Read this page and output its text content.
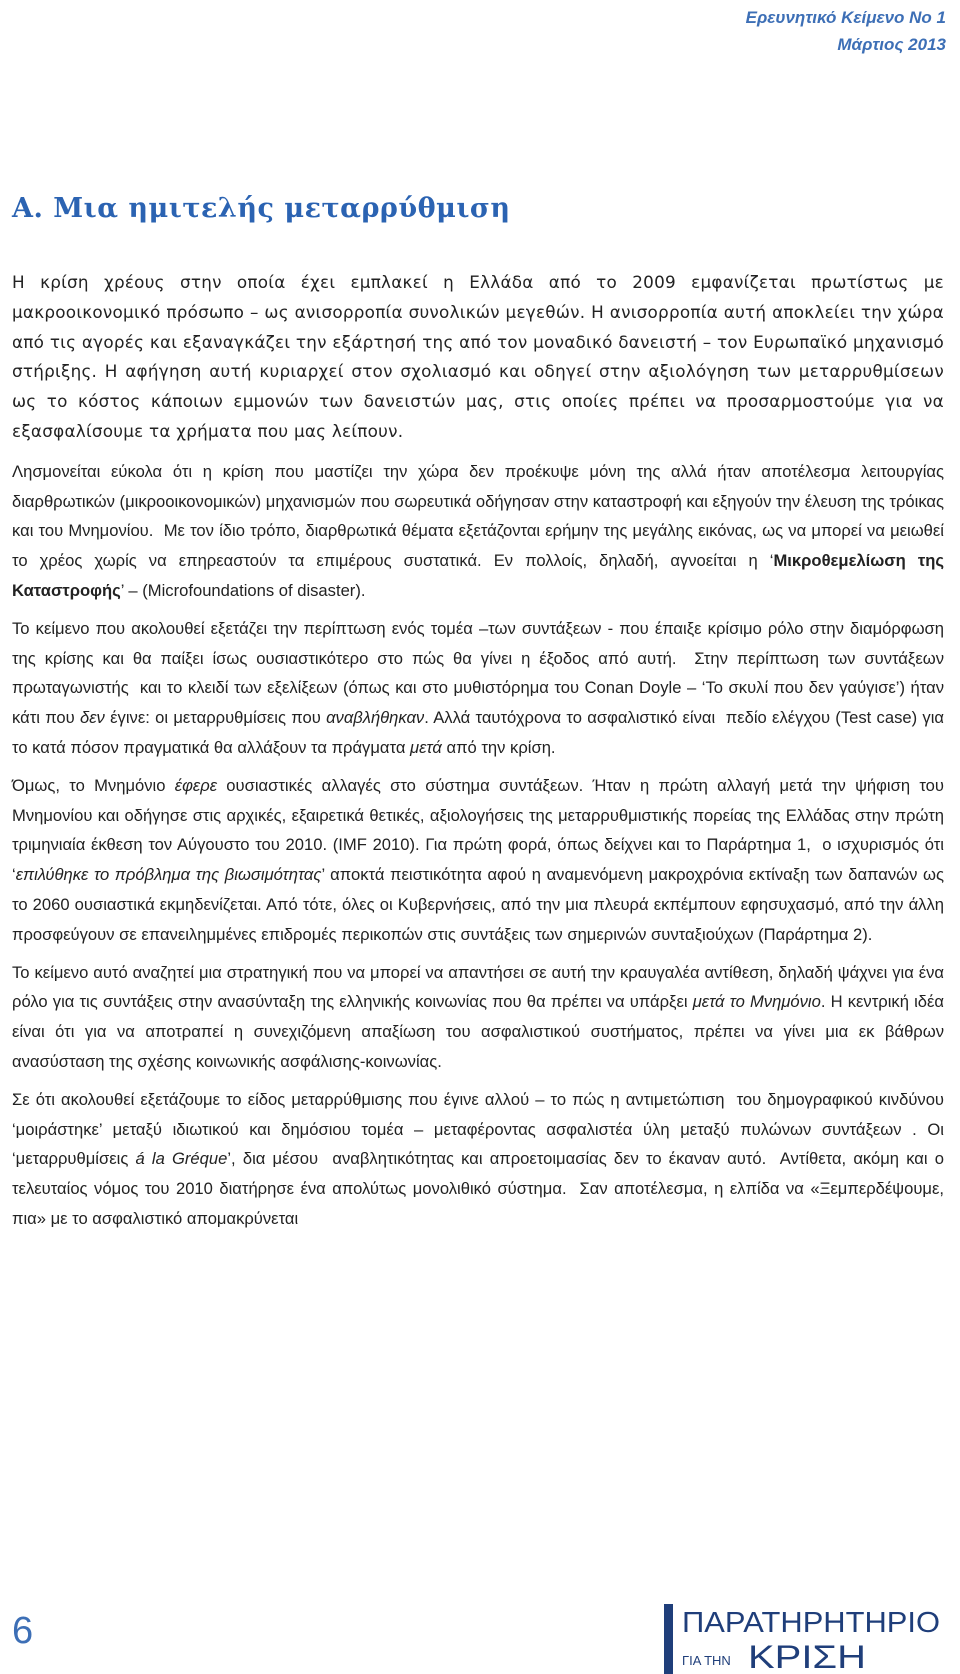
Ερευνητικό Κείμενο Νο 1
Μάρτιος 2013
Α. Μια ημιτελής μεταρρύθμιση

Η κρίση χρέους στην οποία έχει εμπλακεί η Ελλάδα από το 2009 εμφανίζεται πρωτίστως με μακροοικονομικό πρόσωπο – ως ανισορροπία συνολικών μεγεθών. Η ανισορροπία αυτή αποκλείει την χώρα από τις αγορές και εξαναγκάζει την εξάρτησή της από τον μοναδικό δανειστή – τον Ευρωπαϊκό μηχανισμό στήριξης. Η αφήγηση αυτή κυριαρχεί στον σχολιασμό και οδηγεί στην αξιολόγηση των μεταρρυθμίσεων ως το κόστος κάποιων εμμονών των δανειστών μας, στις οποίες πρέπει να προσαρμοστούμε για να εξασφαλίσουμε τα χρήματα που μας λείπουν.

Λησμονείται εύκολα ότι η κρίση που μαστίζει την χώρα δεν προέκυψε μόνη της αλλά ήταν αποτέλεσμα λειτουργίας  διαρθρωτικών (μικροοικονομικών) μηχανισμών που σωρευτικά οδήγησαν στην καταστροφή και εξηγούν την έλευση της τρόικας και του Μνημονίου.  Με τον ίδιο τρόπο, διαρθρωτικά θέματα εξετάζονται ερήμην της μεγάλης εικόνας, ως να μπορεί να μειωθεί το χρέος χωρίς να επηρεαστούν τα επιμέρους συστατικά. Εν πολλοίς, δηλαδή, αγνοείται η ‘Μικροθεμελίωση της Καταστροφής’ – (Microfoundations of disaster).

Το κείμενο που ακολουθεί εξετάζει την περίπτωση ενός τομέα –των συντάξεων - που έπαιξε κρίσιμο ρόλο στην διαμόρφωση της κρίσης και θα παίξει ίσως ουσιαστικότερο στο πώς θα γίνει η έξοδος από αυτή.  Στην περίπτωση των συντάξεων πρωταγωνιστής  και το κλειδί των εξελίξεων (όπως και στο μυθιστόρημα του Conan Doyle – ‘Το σκυλί που δεν γαύγισε’) ήταν κάτι που δεν έγινε: οι μεταρρυθμίσεις που αναβλήθηκαν. Αλλά ταυτόχρονα το ασφαλιστικό είναι  πεδίο ελέγχου (Test case) για το κατά πόσον πραγματικά θα αλλάξουν τα πράγματα μετά από την κρίση.

Όμως, το Μνημόνιο έφερε ουσιαστικές αλλαγές στο σύστημα συντάξεων. Ήταν η πρώτη αλλαγή μετά την ψήφιση του Μνημονίου και οδήγησε στις αρχικές, εξαιρετικά θετικές, αξιολογήσεις της μεταρρυθμιστικής πορείας της Ελλάδας στην πρώτη τριμηνιαία έκθεση τον Αύγουστο του 2010. (IMF 2010). Για πρώτη φορά, όπως δείχνει και το Παράρτημα 1,  ο ισχυρισμός ότι ‘επιλύθηκε το πρόβλημα της βιωσιμότητας’ αποκτά πειστικότητα αφού η αναμενόμενη μακροχρόνια εκτίναξη των δαπανών ως το 2060 ουσιαστικά εκμηδενίζεται. Από τότε, όλες οι Κυβερνήσεις, από την μια πλευρά εκπέμπουν εφησυχασμό, από την άλλη προσφεύγουν σε επανειλημμένες επιδρομές περικοπών στις συντάξεις των σημερινών συνταξιούχων (Παράρτημα 2).

Το κείμενο αυτό αναζητεί μια στρατηγική που να μπορεί να απαντήσει σε αυτή την κραυγαλέα αντίθεση, δηλαδή ψάχνει για ένα ρόλο για τις συντάξεις στην ανασύνταξη της ελληνικής κοινωνίας που θα πρέπει να υπάρξει μετά το Μνημόνιο. Η κεντρική ιδέα είναι ότι για να αποτραπεί η συνεχιζόμενη απαξίωση του ασφαλιστικού συστήματος, πρέπει να γίνει μια εκ βάθρων ανασύσταση της σχέσης κοινωνικής ασφάλισης-κοινωνίας.

Σε ότι ακολουθεί εξετάζουμε το είδος μεταρρύθμισης που έγινε αλλού – το πώς η αντιμετώπιση  του δημογραφικού κινδύνου ‘μοιράστηκε’ μεταξύ ιδιωτικού και δημόσιου τομέα – μεταφέροντας ασφαλιστέα ύλη μεταξύ πυλώνων συντάξεων . Οι ‘μεταρρυθμίσεις á la Gréque’, δια μέσου  αναβλητικότητας και απροετοιμασίας δεν το έκαναν αυτό.  Αντίθετα, ακόμη και ο τελευταίος νόμος του 2010 διατήρησε ένα απολύτως μονολιθικό σύστημα.  Σαν αποτέλεσμα, η ελπίδα να «Ξεμπερδέψουμε, πια» με το ασφαλιστικό απομακρύνεται

6	ΠΑΡΑΤΗΡΗΤΗΡΙΟ
ΓΙΑ ΤΗΝ ΚΡΙΣΗ
